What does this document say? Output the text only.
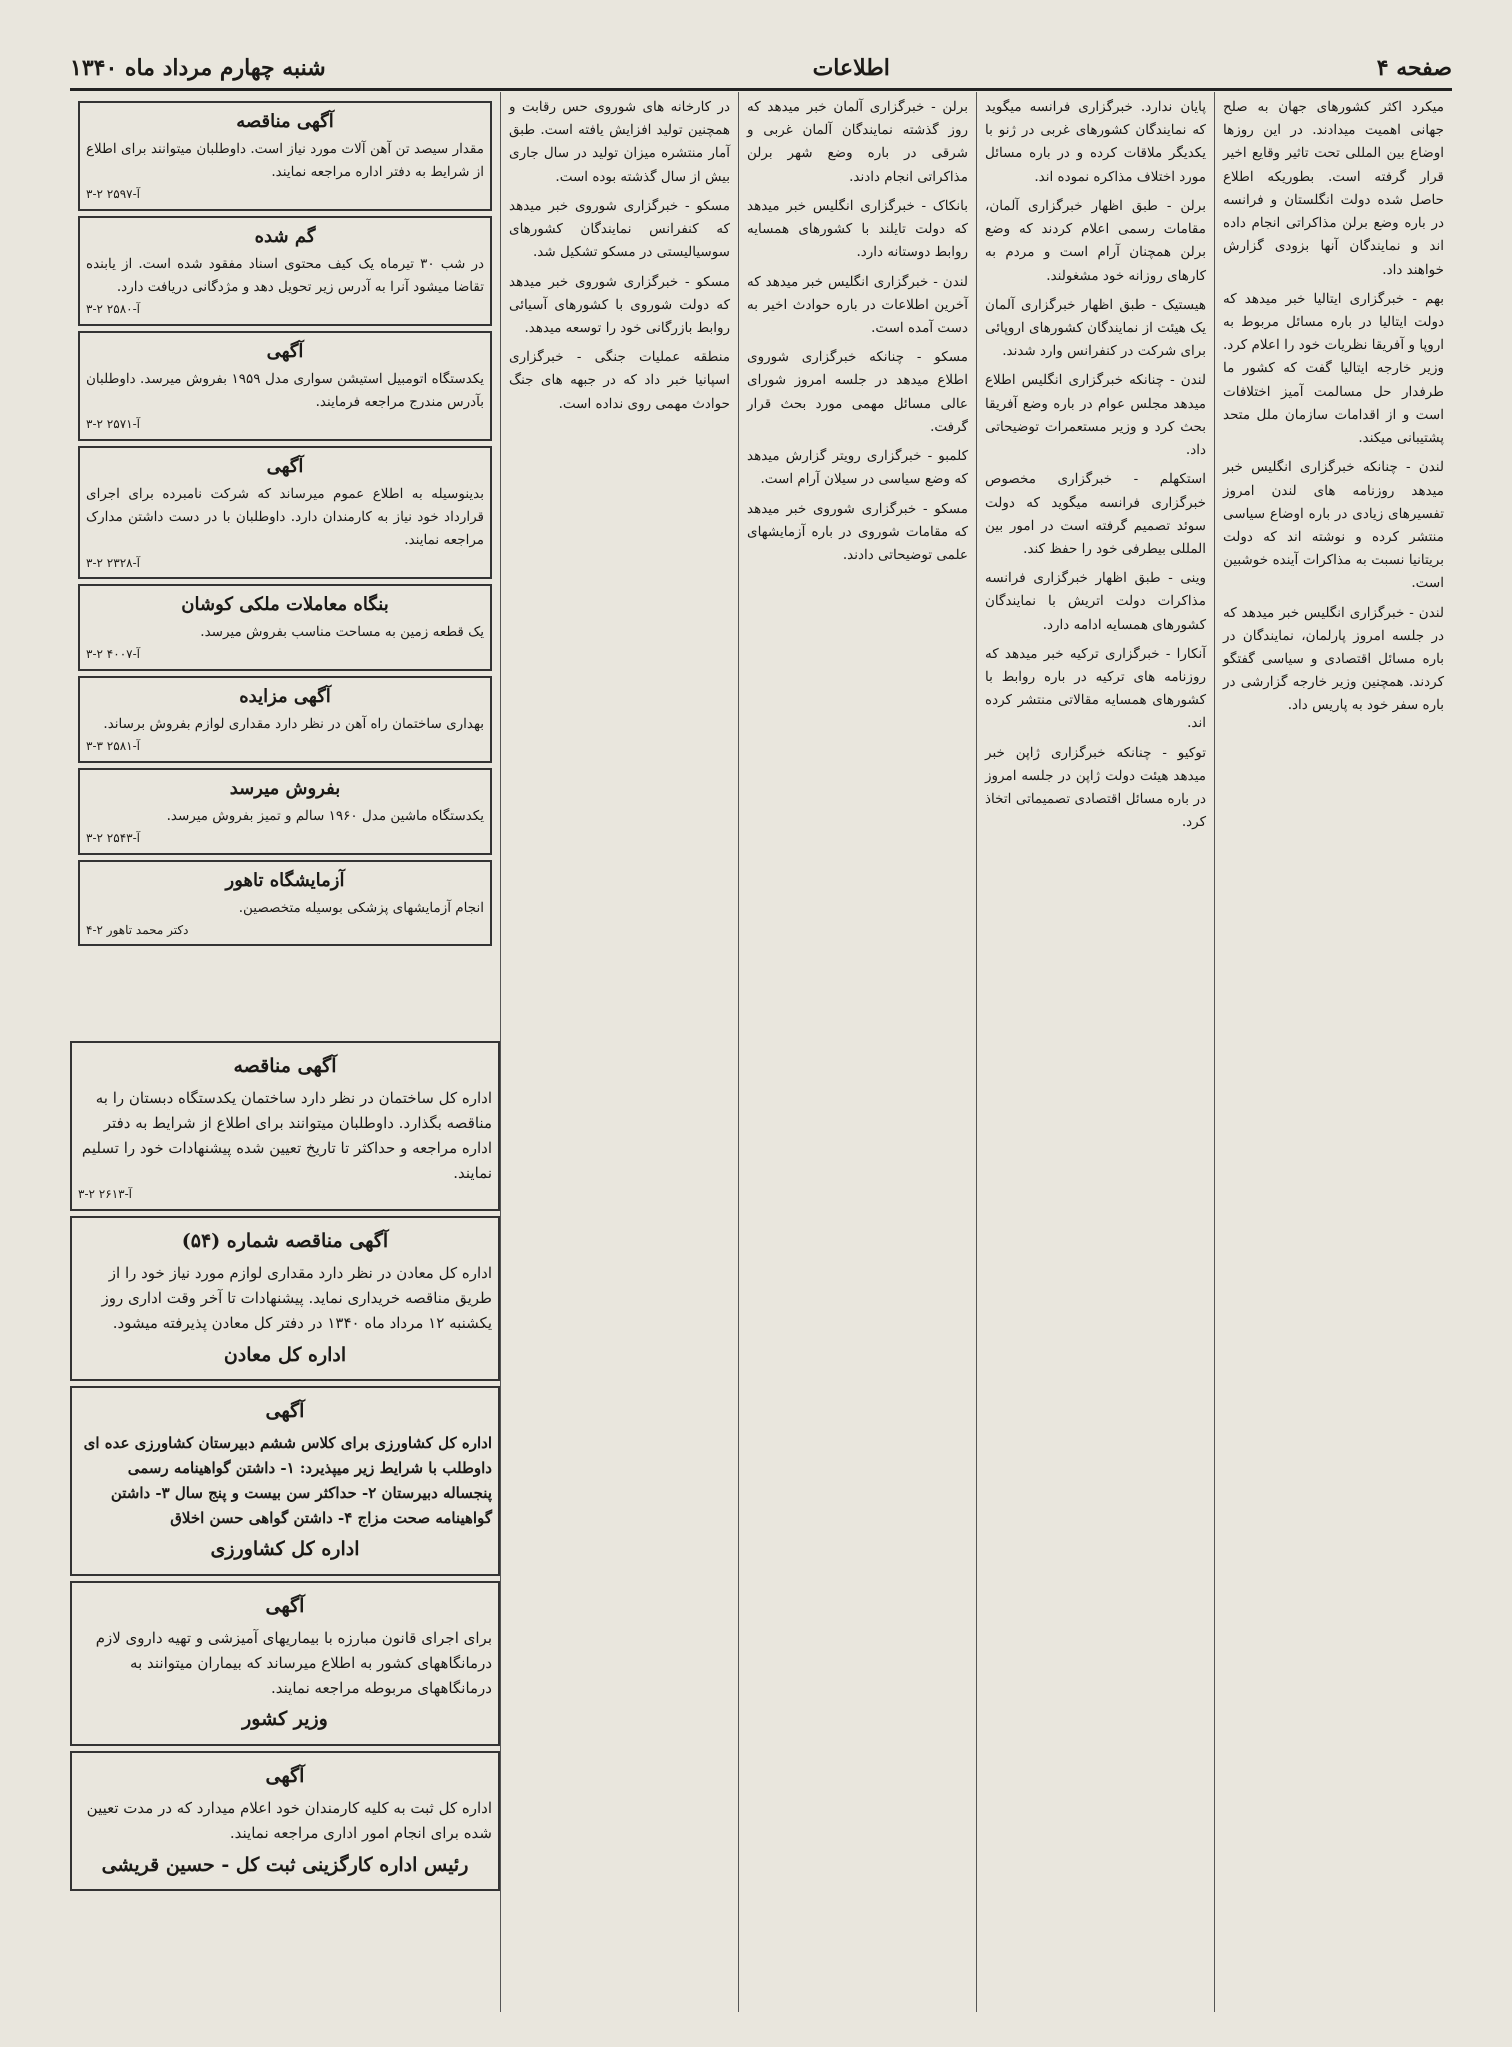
صفحه ۴
اطلاعات
شنبه چهارم مرداد ماه ۱۳۴۰

میکرد اکثر کشورهای جهان به صلح جهانی اهمیت میدادند. در این روزها اوضاع بین المللی تحت تاثیر وقایع اخیر قرار گرفته است. بطوریکه اطلاع حاصل شده دولت انگلستان و فرانسه در باره وضع برلن مذاکراتی انجام داده اند و نمایندگان آنها بزودی گزارش خواهند داد.

بهم - خبرگزاری ایتالیا خبر میدهد که دولت ایتالیا در باره مسائل مربوط به اروپا و آفریقا نظریات خود را اعلام کرد. وزیر خارجه ایتالیا گفت که کشور ما طرفدار حل مسالمت آمیز اختلافات است و از اقدامات سازمان ملل متحد پشتیبانی میکند.

لندن - چنانکه خبرگزاری انگلیس خبر میدهد روزنامه های لندن امروز تفسیرهای زیادی در باره اوضاع سیاسی منتشر کرده و نوشته اند که دولت بریتانیا نسبت به مذاکرات آینده خوشبین است.

لندن - خبرگزاری انگلیس خبر میدهد که در جلسه امروز پارلمان، نمایندگان در باره مسائل اقتصادی و سیاسی گفتگو کردند. همچنین وزیر خارجه گزارشی در باره سفر خود به پاریس داد.

پایان ندارد. خبرگزاری فرانسه میگوید که نمایندگان کشورهای غربی در ژنو با یکدیگر ملاقات کرده و در باره مسائل مورد اختلاف مذاکره نموده اند.

برلن - طبق اظهار خبرگزاری آلمان، مقامات رسمی اعلام کردند که وضع برلن همچنان آرام است و مردم به کارهای روزانه خود مشغولند.

هیستیک - طبق اظهار خبرگزاری آلمان یک هیئت از نمایندگان کشورهای اروپائی برای شرکت در کنفرانس وارد شدند.

لندن - چنانکه خبرگزاری انگلیس اطلاع میدهد مجلس عوام در باره وضع آفریقا بحث کرد و وزیر مستعمرات توضیحاتی داد.

استکهلم - خبرگزاری مخصوص خبرگزاری فرانسه میگوید که دولت سوئد تصمیم گرفته است در امور بین المللی بیطرفی خود را حفظ کند.

وینی - طبق اظهار خبرگزاری فرانسه مذاکرات دولت اتریش با نمایندگان کشورهای همسایه ادامه دارد.

آنکارا - خبرگزاری ترکیه خبر میدهد که روزنامه های ترکیه در باره روابط با کشورهای همسایه مقالاتی منتشر کرده اند.

توکیو - چنانکه خبرگزاری ژاپن خبر میدهد هیئت دولت ژاپن در جلسه امروز در باره مسائل اقتصادی تصمیماتی اتخاذ کرد.

برلن - خبرگزاری آلمان خبر میدهد که روز گذشته نمایندگان آلمان غربی و شرقی در باره وضع شهر برلن مذاکراتی انجام دادند.

بانکاک - خبرگزاری انگلیس خبر میدهد که دولت تایلند با کشورهای همسایه روابط دوستانه دارد.

لندن - خبرگزاری انگلیس خبر میدهد که آخرین اطلاعات در باره حوادث اخیر به دست آمده است.

مسکو - چنانکه خبرگزاری شوروی اطلاع میدهد در جلسه امروز شورای عالی مسائل مهمی مورد بحث قرار گرفت.

کلمبو - خبرگزاری رویتر گزارش میدهد که وضع سیاسی در سیلان آرام است.

مسکو - خبرگزاری شوروی خبر میدهد که مقامات شوروی در باره آزمایشهای علمی توضیحاتی دادند.

در کارخانه های شوروی حس رقابت و همچنین تولید افزایش یافته است. طبق آمار منتشره میزان تولید در سال جاری بیش از سال گذشته بوده است.

مسکو - خبرگزاری شوروی خبر میدهد که کنفرانس نمایندگان کشورهای سوسیالیستی در مسکو تشکیل شد.

مسکو - خبرگزاری شوروی خبر میدهد که دولت شوروی با کشورهای آسیائی روابط بازرگانی خود را توسعه میدهد.

منطقه عملیات جنگی - خبرگزاری اسپانیا خبر داد که در جبهه های جنگ حوادث مهمی روی نداده است.

آگهی مناقصه
مقدار سیصد تن آهن آلات مورد نیاز است. داوطلبان میتوانند برای اطلاع از شرایط به دفتر اداره مراجعه نمایند.
آ-۲۵۹۷ ۲-۳
گم شده
در شب ۳۰ تیرماه یک کیف محتوی اسناد مفقود شده است. از یابنده تقاضا میشود آنرا به آدرس زیر تحویل دهد و مژدگانی دریافت دارد.
آ-۲۵۸۰ ۲-۳
آگهی
یکدستگاه اتومبیل استیشن سواری مدل ۱۹۵۹ بفروش میرسد. داوطلبان بآدرس مندرج مراجعه فرمایند.
آ-۲۵۷۱ ۲-۳
آگهی
بدینوسیله به اطلاع عموم میرساند که شرکت نامبرده برای اجرای قرارداد خود نیاز به کارمندان دارد. داوطلبان با در دست داشتن مدارک مراجعه نمایند.
آ-۲۳۲۸ ۲-۳
بنگاه معاملات ملکی کوشان
یک قطعه زمین به مساحت مناسب بفروش میرسد.
آ-۴۰۰۷ ۲-۳
آگهی مزایده
بهداری ساختمان راه آهن در نظر دارد مقداری لوازم بفروش برساند.
آ-۲۵۸۱ ۳-۳
بفروش میرسد
یکدستگاه ماشین مدل ۱۹۶۰ سالم و تمیز بفروش میرسد.
آ-۲۵۴۳ ۲-۳
آزمایشگاه تاهور
انجام آزمایشهای پزشکی بوسیله متخصصین.
دکتر محمد تاهور ۲-۴
آگهی مناقصه
اداره کل ساختمان در نظر دارد ساختمان یکدستگاه دبستان را به مناقصه بگذارد. داوطلبان میتوانند برای اطلاع از شرایط به دفتر اداره مراجعه و حداکثر تا تاریخ تعیین شده پیشنهادات خود را تسلیم نمایند.
آ-۲۶۱۳ ۲-۳
آگهی مناقصه شماره (۵۴)
اداره کل معادن در نظر دارد مقداری لوازم مورد نیاز خود را از طریق مناقصه خریداری نماید. پیشنهادات تا آخر وقت اداری روز یکشنبه ۱۲ مرداد ماه ۱۳۴۰ در دفتر کل معادن پذیرفته میشود.
اداره کل معادن
آگهی
اداره کل کشاورزی برای کلاس ششم دبیرستان کشاورزی عده ای داوطلب با شرایط زیر میپذیرد: ۱- داشتن گواهینامه رسمی پنجساله دبیرستان ۲- حداکثر سن بیست و پنج سال ۳- داشتن گواهینامه صحت مزاج ۴- داشتن گواهی حسن اخلاق
اداره کل کشاورزی
آگهی
برای اجرای قانون مبارزه با بیماریهای آمیزشی و تهیه داروی لازم درمانگاههای کشور به اطلاع میرساند که بیماران میتوانند به درمانگاههای مربوطه مراجعه نمایند.
وزیر کشور
آگهی
اداره کل ثبت به کلیه کارمندان خود اعلام میدارد که در مدت تعیین شده برای انجام امور اداری مراجعه نمایند.
رئیس اداره کارگزینی ثبت کل - حسین قریشی
